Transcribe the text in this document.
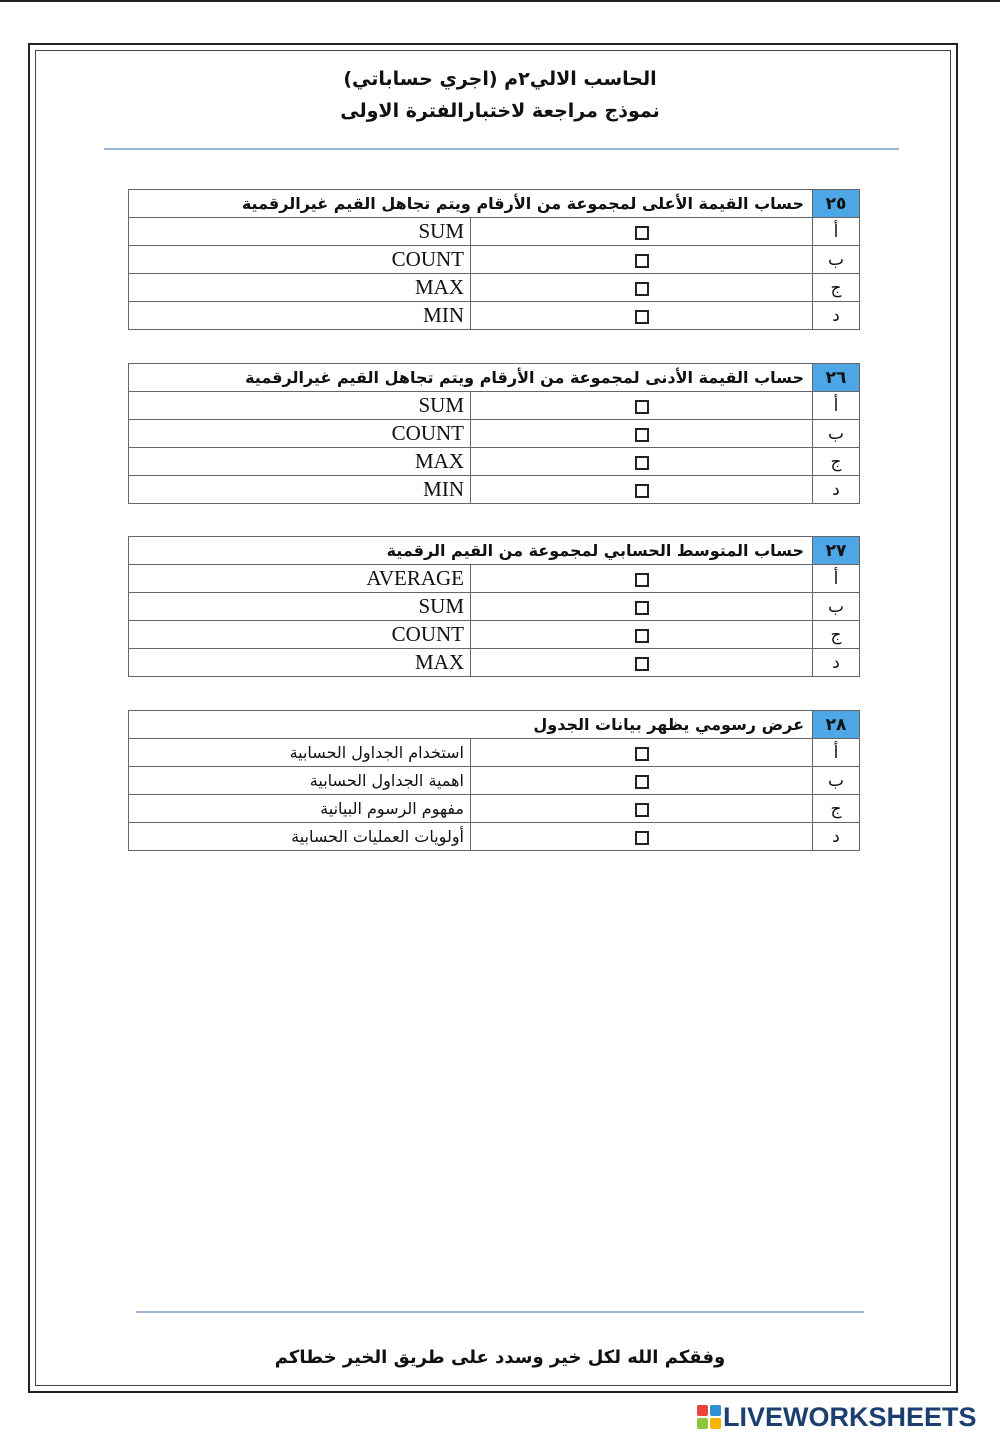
الحاسب الالي٢م (اجري حساباتي)
نموذج مراجعة لاختبارالفترة الاولى
٢٥	حساب القيمة الأعلى لمجموعة من الأرقام ويتم تجاهل القيم غيرالرقمية	
أ		SUM
ب		COUNT
ج		MAX
د		MIN
٢٦	حساب القيمة الأدنى لمجموعة من الأرقام ويتم تجاهل القيم غيرالرقمية	
أ		SUM
ب		COUNT
ج		MAX
د		MIN
٢٧	حساب المتوسط الحسابي لمجموعة من القيم الرقمية	
أ		AVERAGE
ب		SUM
ج		COUNT
د		MAX
٢٨	عرض رسومي يظهر بيانات الجدول	
أ		استخدام الجداول الحسابية
ب		اهمية الجداول الحسابية
ج		مفهوم الرسوم البيانية
د		أولويات العمليات الحسابية
وفقكم الله لكل خير وسدد على طريق الخير خطاكم
LIVEWORKSHEETS
